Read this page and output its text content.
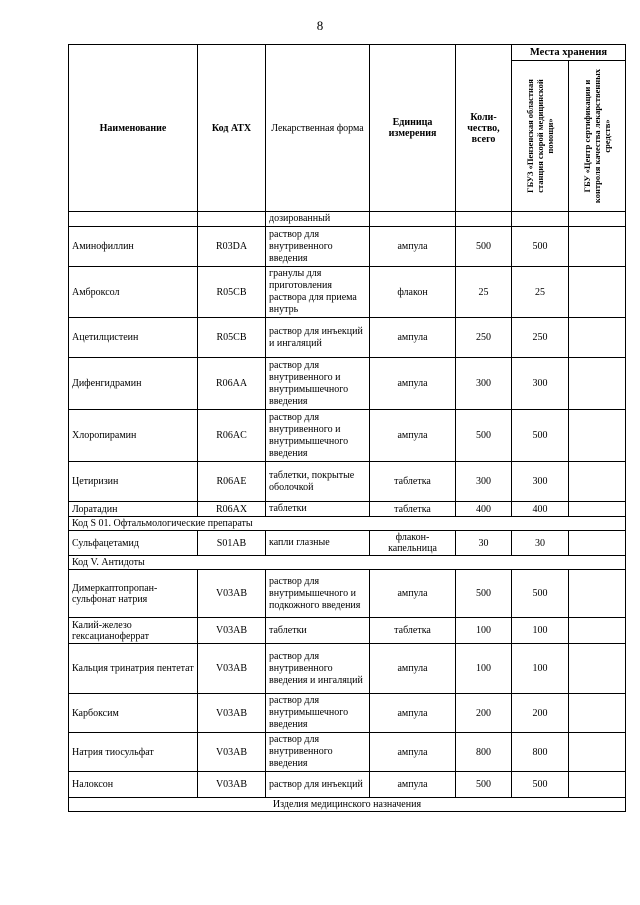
8
Наименование	Код АТХ	Лекарственная форма	Единица измерения	Коли-чество, всего	Места хранения	

					ГБУЗ «Пензенская областная станция скорой медицинской помощи»	ГБУ «Центр сертификации и контроля качества лекарственных средств»

		дозированный				
Аминофиллин	R03DA	раствор для внутривенного введения	ампула	500	500	
Амброксол	R05CB	гранулы для приготовления раствора для приема внутрь	флакон	25	25	
Ацетилцистеин	R05CB	раствор для инъекций и ингаляций	ампула	250	250	
Дифенгидрамин	R06AA	раствор для внутривенного и внутримышечного введения	ампула	300	300	
Хлоропирамин	R06AC	раствор для внутривенного и внутримышечного введения	ампула	500	500	
Цетиризин	R06AE	таблетки, покрытые оболочкой	таблетка	300	300	
Лоратадин	R06AX	таблетки	таблетка	400	400	
Код S 01. Офтальмологические препараты						
Сульфацетамид	S01AB	капли глазные	флакон-капельница	30	30	
Код V. Антидоты						
Димеркаптопропан-сульфонат натрия	V03AB	раствор для внутримышечного и подкожного введения	ампула	500	500	
Калий-железо гексацианоферрат	V03AB	таблетки	таблетка	100	100	
Кальция тринатрия пентетат	V03AB	раствор для внутривенного введения и ингаляций	ампула	100	100	
Карбоксим	V03AB	раствор для внутримышечного введения	ампула	200	200	
Натрия тиосульфат	V03AB	раствор для внутривенного введения	ампула	800	800	
Налоксон	V03AB	раствор для инъекций	ампула	500	500	
Изделия медицинского назначения						
